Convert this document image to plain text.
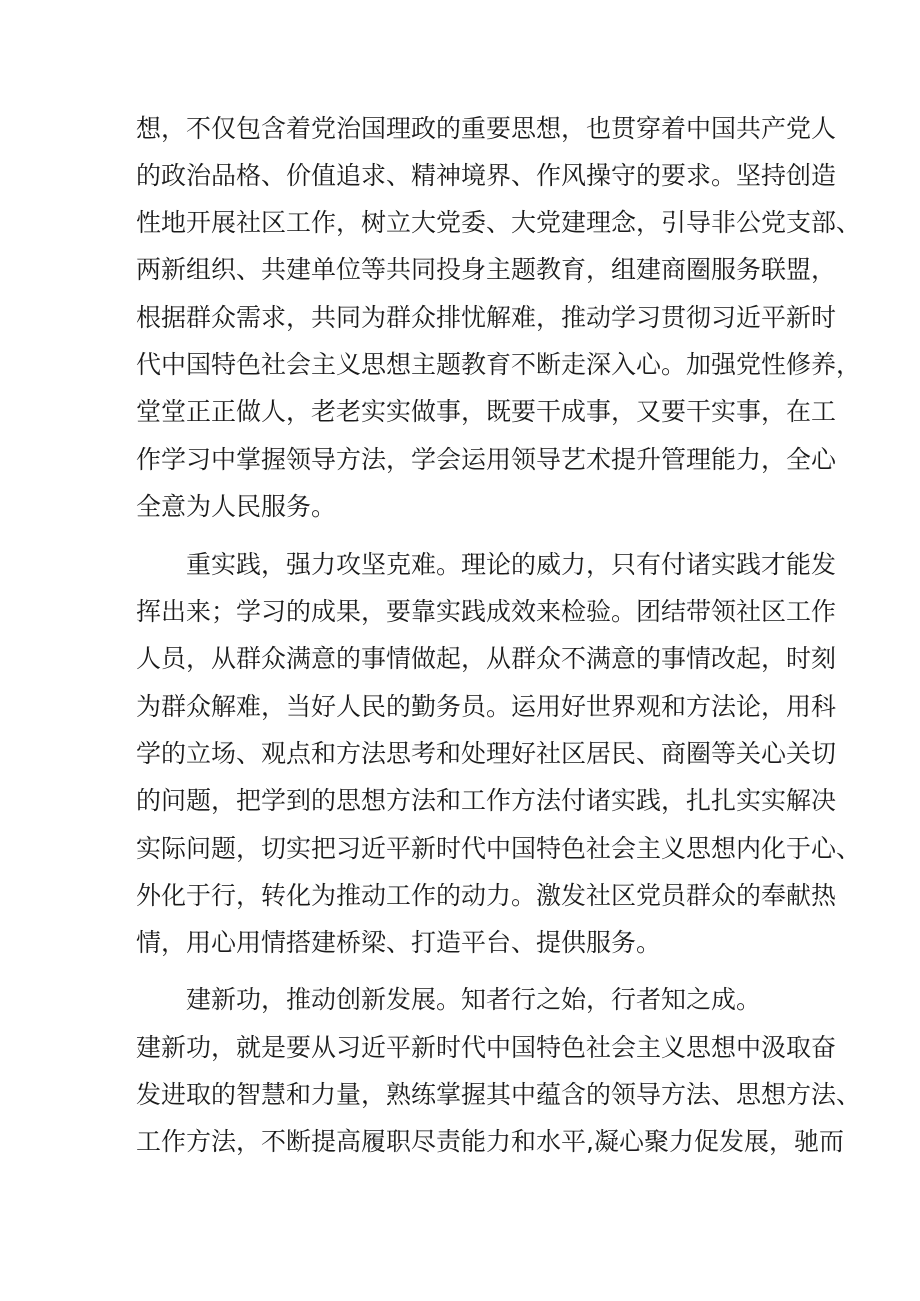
想，不仅包含着党治国理政的重要思想，也贯穿着中国共产党人
的政治品格、价值追求、精神境界、作风操守的要求。坚持创造
性地开展社区工作，树立大党委、大党建理念，引导非公党支部、
两新组织、共建单位等共同投身主题教育，组建商圈服务联盟，
根据群众需求，共同为群众排忧解难，推动学习贯彻习近平新时
代中国特色社会主义思想主题教育不断走深入心。加强党性修养，
堂堂正正做人，老老实实做事，既要干成事，又要干实事，在工
作学习中掌握领导方法，学会运用领导艺术提升管理能力，全心
全意为人民服务。
重实践，强力攻坚克难。理论的威力，只有付诸实践才能发
挥出来；学习的成果，要靠实践成效来检验。团结带领社区工作
人员，从群众满意的事情做起，从群众不满意的事情改起，时刻
为群众解难，当好人民的勤务员。运用好世界观和方法论，用科
学的立场、观点和方法思考和处理好社区居民、商圈等关心关切
的问题，把学到的思想方法和工作方法付诸实践，扎扎实实解决
实际问题，切实把习近平新时代中国特色社会主义思想内化于心、
外化于行，转化为推动工作的动力。激发社区党员群众的奉献热
情，用心用情搭建桥梁、打造平台、提供服务。
建新功，推动创新发展。知者行之始，行者知之成。
建新功，就是要从习近平新时代中国特色社会主义思想中汲取奋
发进取的智慧和力量，熟练掌握其中蕴含的领导方法、思想方法、
工作方法，不断提高履职尽责能力和水平,凝心聚力促发展，驰而
